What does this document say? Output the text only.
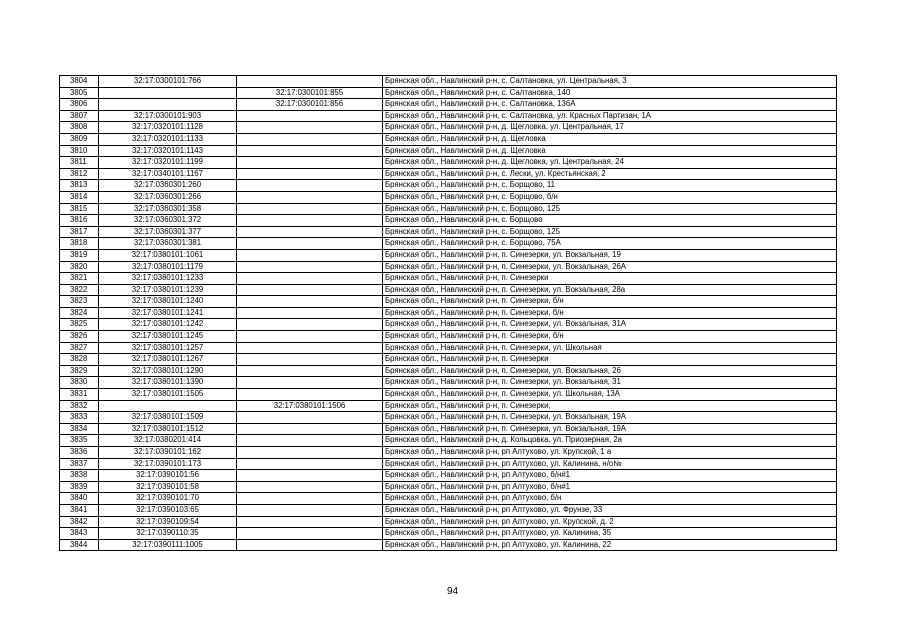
3804	32:17:0300101:766		Брянская обл., Навлинский р-н, с. Салтановка, ул. Центральная, 3
3805		32:17:0300101:855	Брянская обл., Навлинский р-н, с. Салтановка, 140
3806		32:17:0300101:856	Брянская обл., Навлинский р-н, с. Салтановка, 136А
3807	32:17:0300101:903		Брянская обл., Навлинский р-н, с. Салтановка, ул. Красных Партизан, 1А
3808	32:17:0320101:1128		Брянская обл., Навлинский р-н, д. Щегловка, ул. Центральная, 17
3809	32:17:0320101:1133		Брянская обл., Навлинский р-н, д. Щегловка
3810	32:17:0320101:1143		Брянская обл., Навлинский р-н, д. Щегловка
3811	32:17:0320101:1199		Брянская обл., Навлинский р-н, д. Щегловка, ул. Центральная, 24
3812	32:17:0340101:1167		Брянская обл., Навлинский р-н, с. Лески, ул. Крестьянская, 2
3813	32:17:0360301:260		Брянская обл., Навлинский р-н, с. Борщово, 11
3814	32:17:0360301:266		Брянская обл., Навлинский р-н, с. Борщово, б/н
3815	32:17:0360301:358		Брянская обл., Навлинский р-н, с. Борщово, 125
3816	32:17:0360301:372		Брянская обл., Навлинский р-н, с. Борщово
3817	32:17:0360301:377		Брянская обл., Навлинский р-н, с. Борщово, 125
3818	32:17:0360301:381		Брянская обл., Навлинский р-н, с. Борщово, 75А
3819	32:17:0380101:1061		Брянская обл., Навлинский р-н, п. Синезерки, ул. Вокзальная, 19
3820	32:17:0380101:1179		Брянская обл., Навлинский р-н, п. Синезерки, ул. Вокзальная, 26А
3821	32:17:0380101:1233		Брянская обл., Навлинский р-н, п. Синезерки
3822	32:17:0380101:1239		Брянская обл., Навлинский р-н, п. Синезерки, ул. Вокзальная, 28а
3823	32:17:0380101:1240		Брянская обл., Навлинский р-н, п. Синезерки, б/н
3824	32:17:0380101:1241		Брянская обл., Навлинский р-н, п. Синезерки, б/н
3825	32:17:0380101:1242		Брянская обл., Навлинский р-н, п. Синезерки, ул. Вокзальная, 31А
3826	32:17:0380101:1245		Брянская обл., Навлинский р-н, п. Синезерки, б/н
3827	32:17:0380101:1257		Брянская обл., Навлинский р-н, п. Синезерки, ул. Школьная
3828	32:17:0380101:1267		Брянская обл., Навлинский р-н, п. Синезерки
3829	32:17:0380101:1290		Брянская обл., Навлинский р-н, п. Синезерки, ул. Вокзальная, 26
3830	32:17:0380101:1390		Брянская обл., Навлинский р-н, п. Синезерки, ул. Вокзальная, 31
3831	32:17:0380101:1505		Брянская обл., Навлинский р-н, п. Синезерки, ул. Школьная, 13А
3832		32:17:0380101:1506	Брянская обл., Навлинский р-н, п. Синезерки,
3833	32:17:0380101:1509		Брянская обл., Навлинский р-н, п. Синезерки, ул. Вокзальная, 19А
3834	32:17:0380101:1512		Брянская обл., Навлинский р-н, п. Синезерки, ул. Вокзальная, 19А
3835	32:17:0380201:414		Брянская обл., Навлинский р-н, д. Кольцовка, ул. Приозерная, 2а
3836	32:17:0390101:162		Брянская обл., Навлинский р-н, рп Алтухово, ул. Крупской, 1 а
3837	32:17:0390101:173		Брянская обл., Навлинский р-н, рп Алтухово, ул. Калинина, н/о№
3838	32:17:0390101:56		Брянская обл., Навлинский р-н, рп Алтухово, б/н#1
3839	32:17:0390101:58		Брянская обл., Навлинский р-н, рп Алтухово, б/н#1
3840	32:17:0390101:70		Брянская обл., Навлинский р-н, рп Алтухово, б/н
3841	32:17:0390103:65		Брянская обл., Навлинский р-н, рп Алтухово, ул. Фрунзе, 33
3842	32:17:0390109:54		Брянская обл., Навлинский р-н, рп Алтухово, ул. Крупской, д. 2
3843	32:17:0390110:35		Брянская обл., Навлинский р-н, рп Алтухово, ул. Калинина, 35
3844	32:17:0390111:1005		Брянская обл., Навлинский р-н, рп Алтухово, ул. Калинина, 22
94
